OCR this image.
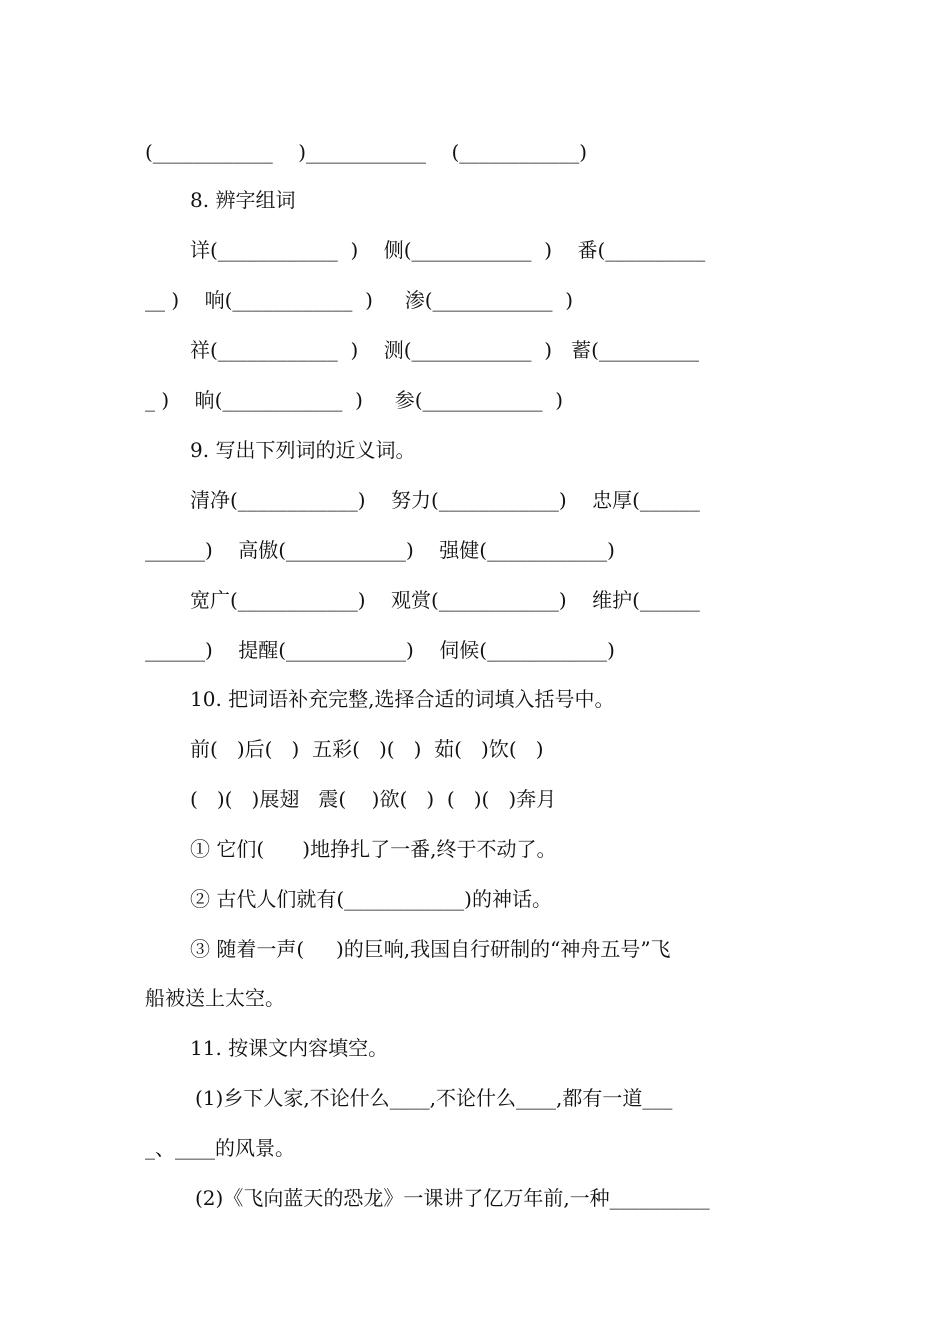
(____________    )____________    (____________)
8. 辨字组词
详(____________  )    侧(____________  )    番(__________
__ )    响(____________  )     渗(____________  )
祥(____________  )    测(____________  )   蓄(__________
_ )    晌(____________  )     参(____________  )
9. 写出下列词的近义词。
清净(____________)    努力(____________)    忠厚(______
______)    高傲(____________)    强健(____________)
宽广(____________)    观赏(____________)    维护(______
______)    提醒(____________)    伺候(____________)
10. 把词语补充完整,选择合适的词填入括号中。
前(   )后(   )  五彩(   )(   )  茹(   )饮(   )
(   )(   )展翅   震(    )欲(   )  (   )(   )奔月
① 它们(      )地挣扎了一番,终于不动了。
② 古代人们就有(____________)的神话。
③ 随着一声(     )的巨响,我国自行研制的“神舟五号”飞
船被送上太空。
11. 按课文内容填空。
(1)乡下人家,不论什么____,不论什么____,都有一道___
_、____的风景。
(2)《飞向蓝天的恐龙》一课讲了亿万年前,一种__________
